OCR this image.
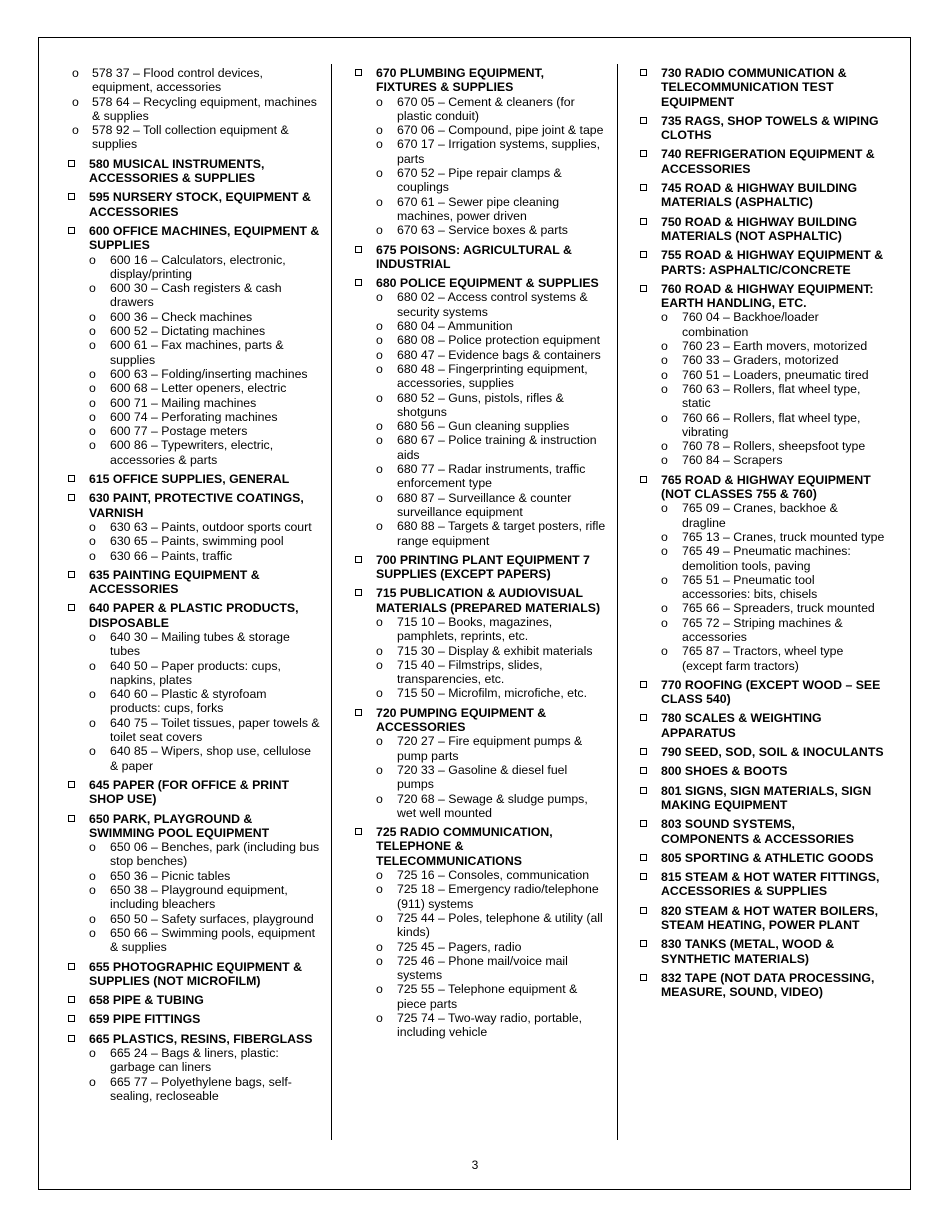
o 578 37 – Flood control devices, equipment, accessories
o 578 64 – Recycling equipment, machines & supplies
o 578 92 – Toll collection equipment & supplies
580 MUSICAL INSTRUMENTS, ACCESSORIES & SUPPLIES
595 NURSERY STOCK, EQUIPMENT & ACCESSORIES
600 OFFICE MACHINES, EQUIPMENT & SUPPLIES
o 600 16 – Calculators, electronic, display/printing
o 600 30 – Cash registers & cash drawers
o 600 36 – Check machines
o 600 52 – Dictating machines
o 600 61 – Fax machines, parts & supplies
o 600 63 – Folding/inserting machines
o 600 68 – Letter openers, electric
o 600 71 – Mailing machines
o 600 74 – Perforating machines
o 600 77 – Postage meters
o 600 86 – Typewriters, electric, accessories & parts
615 OFFICE SUPPLIES, GENERAL
630 PAINT, PROTECTIVE COATINGS, VARNISH
o 630 63 – Paints, outdoor sports court
o 630 65 – Paints, swimming pool
o 630 66 – Paints, traffic
635 PAINTING EQUIPMENT & ACCESSORIES
640 PAPER & PLASTIC PRODUCTS, DISPOSABLE
o 640 30 – Mailing tubes & storage tubes
o 640 50 – Paper products: cups, napkins, plates
o 640 60 – Plastic & styrofoam products: cups, forks
o 640 75 – Toilet tissues, paper towels & toilet seat covers
o 640 85 – Wipers, shop use, cellulose & paper
645 PAPER (FOR OFFICE & PRINT SHOP USE)
650 PARK, PLAYGROUND & SWIMMING POOL EQUIPMENT
o 650 06 – Benches, park (including bus stop benches)
o 650 36 – Picnic tables
o 650 38 – Playground equipment, including bleachers
o 650 50 – Safety surfaces, playground
o 650 66 – Swimming pools, equipment & supplies
655 PHOTOGRAPHIC EQUIPMENT & SUPPLIES (NOT MICROFILM)
658 PIPE & TUBING
659 PIPE FITTINGS
665 PLASTICS, RESINS, FIBERGLASS
o 665 24 – Bags & liners, plastic: garbage can liners
o 665 77 – Polyethylene bags, self-sealing, recloseable
670 PLUMBING EQUIPMENT, FIXTURES & SUPPLIES
o 670 05 – Cement & cleaners (for plastic conduit)
o 670 06 – Compound, pipe joint & tape
o 670 17 – Irrigation systems, supplies, parts
o 670 52 – Pipe repair clamps & couplings
o 670 61 – Sewer pipe cleaning machines, power driven
o 670 63 – Service boxes & parts
675 POISONS: AGRICULTURAL & INDUSTRIAL
680 POLICE EQUIPMENT & SUPPLIES
o 680 02 – Access control systems & security systems
o 680 04 – Ammunition
o 680 08 – Police protection equipment
o 680 47 – Evidence bags & containers
o 680 48 – Fingerprinting equipment, accessories, supplies
o 680 52 – Guns, pistols, rifles & shotguns
o 680 56 – Gun cleaning supplies
o 680 67 – Police training & instruction aids
o 680 77 – Radar instruments, traffic enforcement type
o 680 87 – Surveillance & counter surveillance equipment
o 680 88 – Targets & target posters, rifle range equipment
700 PRINTING PLANT EQUIPMENT 7 SUPPLIES (EXCEPT PAPERS)
715 PUBLICATION & AUDIOVISUAL MATERIALS (PREPARED MATERIALS)
o 715 10 – Books, magazines, pamphlets, reprints, etc.
o 715 30 – Display & exhibit materials
o 715 40 – Filmstrips, slides, transparencies, etc.
o 715 50 – Microfilm, microfiche, etc.
720 PUMPING EQUIPMENT & ACCESSORIES
o 720 27 – Fire equipment pumps & pump parts
o 720 33 – Gasoline & diesel fuel pumps
o 720 68 – Sewage & sludge pumps, wet well mounted
725 RADIO COMMUNICATION, TELEPHONE & TELECOMMUNICATIONS
o 725 16 – Consoles, communication
o 725 18 – Emergency radio/telephone (911) systems
o 725 44 – Poles, telephone & utility (all kinds)
o 725 45 – Pagers, radio
o 725 46 – Phone mail/voice mail systems
o 725 55 – Telephone equipment & piece parts
o 725 74 – Two-way radio, portable, including vehicle
730 RADIO COMMUNICATION & TELECOMMUNICATION TEST EQUIPMENT
735 RAGS, SHOP TOWELS & WIPING CLOTHS
740 REFRIGERATION EQUIPMENT & ACCESSORIES
745 ROAD & HIGHWAY BUILDING MATERIALS (ASPHALTIC)
750 ROAD & HIGHWAY BUILDING MATERIALS (NOT ASPHALTIC)
755 ROAD & HIGHWAY EQUIPMENT & PARTS: ASPHALTIC/CONCRETE
760 ROAD & HIGHWAY EQUIPMENT: EARTH HANDLING, ETC.
o 760 04 – Backhoe/loader combination
o 760 23 – Earth movers, motorized
o 760 33 – Graders, motorized
o 760 51 – Loaders, pneumatic tired
o 760 63 – Rollers, flat wheel type, static
o 760 66 – Rollers, flat wheel type, vibrating
o 760 78 – Rollers, sheepsfoot type
o 760 84 – Scrapers
765 ROAD & HIGHWAY EQUIPMENT (NOT CLASSES 755 & 760)
o 765 09 – Cranes, backhoe & dragline
o 765 13 – Cranes, truck mounted type
o 765 49 – Pneumatic machines: demolition tools, paving
o 765 51 – Pneumatic tool accessories: bits, chisels
o 765 66 – Spreaders, truck mounted
o 765 72 – Striping machines & accessories
o 765 87 – Tractors, wheel type (except farm tractors)
770 ROOFING (EXCEPT WOOD – SEE CLASS 540)
780 SCALES & WEIGHTING APPARATUS
790 SEED, SOD, SOIL & INOCULANTS
800 SHOES & BOOTS
801 SIGNS, SIGN MATERIALS, SIGN MAKING EQUIPMENT
803 SOUND SYSTEMS, COMPONENTS & ACCESSORIES
805 SPORTING & ATHLETIC GOODS
815 STEAM & HOT WATER FITTINGS, ACCESSORIES & SUPPLIES
820 STEAM & HOT WATER BOILERS, STEAM HEATING, POWER PLANT
830 TANKS (METAL, WOOD & SYNTHETIC MATERIALS)
832 TAPE (NOT DATA PROCESSING, MEASURE, SOUND, VIDEO)
3
